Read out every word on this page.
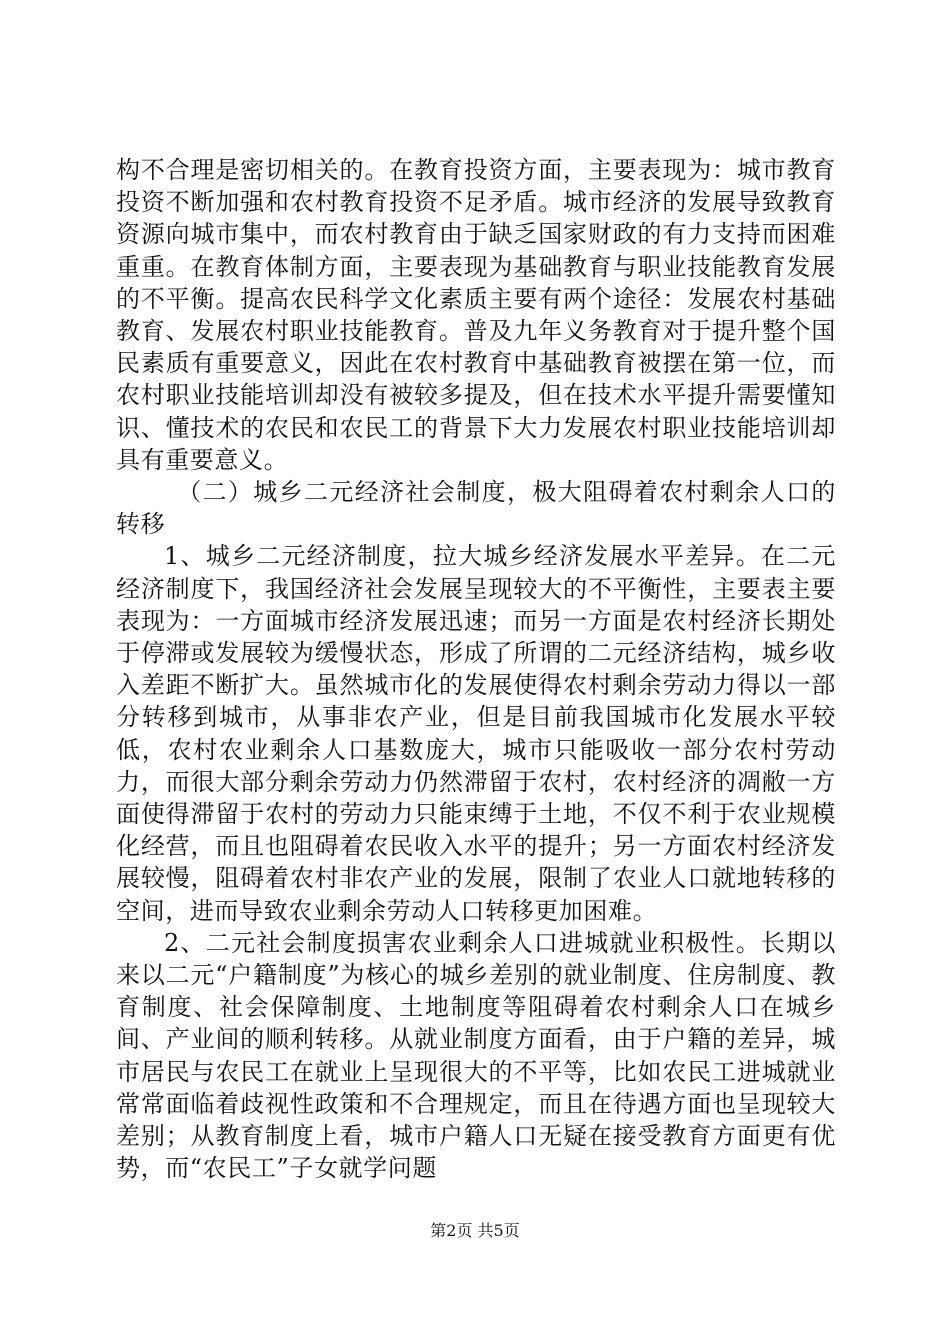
构不合理是密切相关的。在教育投资方面，主要表现为：城市教育投资不断加强和农村教育投资不足矛盾。城市经济的发展导致教育资源向城市集中，而农村教育由于缺乏国家财政的有力支持而困难重重。在教育体制方面，主要表现为基础教育与职业技能教育发展的不平衡。提高农民科学文化素质主要有两个途径：发展农村基础教育、发展农村职业技能教育。普及九年义务教育对于提升整个国民素质有重要意义，因此在农村教育中基础教育被摆在第一位，而农村职业技能培训却没有被较多提及，但在技术水平提升需要懂知识、懂技术的农民和农民工的背景下大力发展农村职业技能培训却具有重要意义。

（二）城乡二元经济社会制度，极大阻碍着农村剩余人口的转移

1、城乡二元经济制度，拉大城乡经济发展水平差异。在二元经济制度下，我国经济社会发展呈现较大的不平衡性，主要表主要表现为：一方面城市经济发展迅速；而另一方面是农村经济长期处于停滞或发展较为缓慢状态，形成了所谓的二元经济结构，城乡收入差距不断扩大。虽然城市化的发展使得农村剩余劳动力得以一部分转移到城市，从事非农产业，但是目前我国城市化发展水平较低，农村农业剩余人口基数庞大，城市只能吸收一部分农村劳动力，而很大部分剩余劳动力仍然滞留于农村，农村经济的凋敝一方面使得滞留于农村的劳动力只能束缚于土地，不仅不利于农业规模化经营，而且也阻碍着农民收入水平的提升；另一方面农村经济发展较慢，阻碍着农村非农产业的发展，限制了农业人口就地转移的空间，进而导致农业剩余劳动人口转移更加困难。

2、二元社会制度损害农业剩余人口进城就业积极性。长期以来以二元“户籍制度”为核心的城乡差别的就业制度、住房制度、教育制度、社会保障制度、土地制度等阻碍着农村剩余人口在城乡间、产业间的顺利转移。从就业制度方面看，由于户籍的差异，城市居民与农民工在就业上呈现很大的不平等，比如农民工进城就业常常面临着歧视性政策和不合理规定，而且在待遇方面也呈现较大差别；从教育制度上看，城市户籍人口无疑在接受教育方面更有优势，而“农民工”子女就学问题

第2页 共5页
